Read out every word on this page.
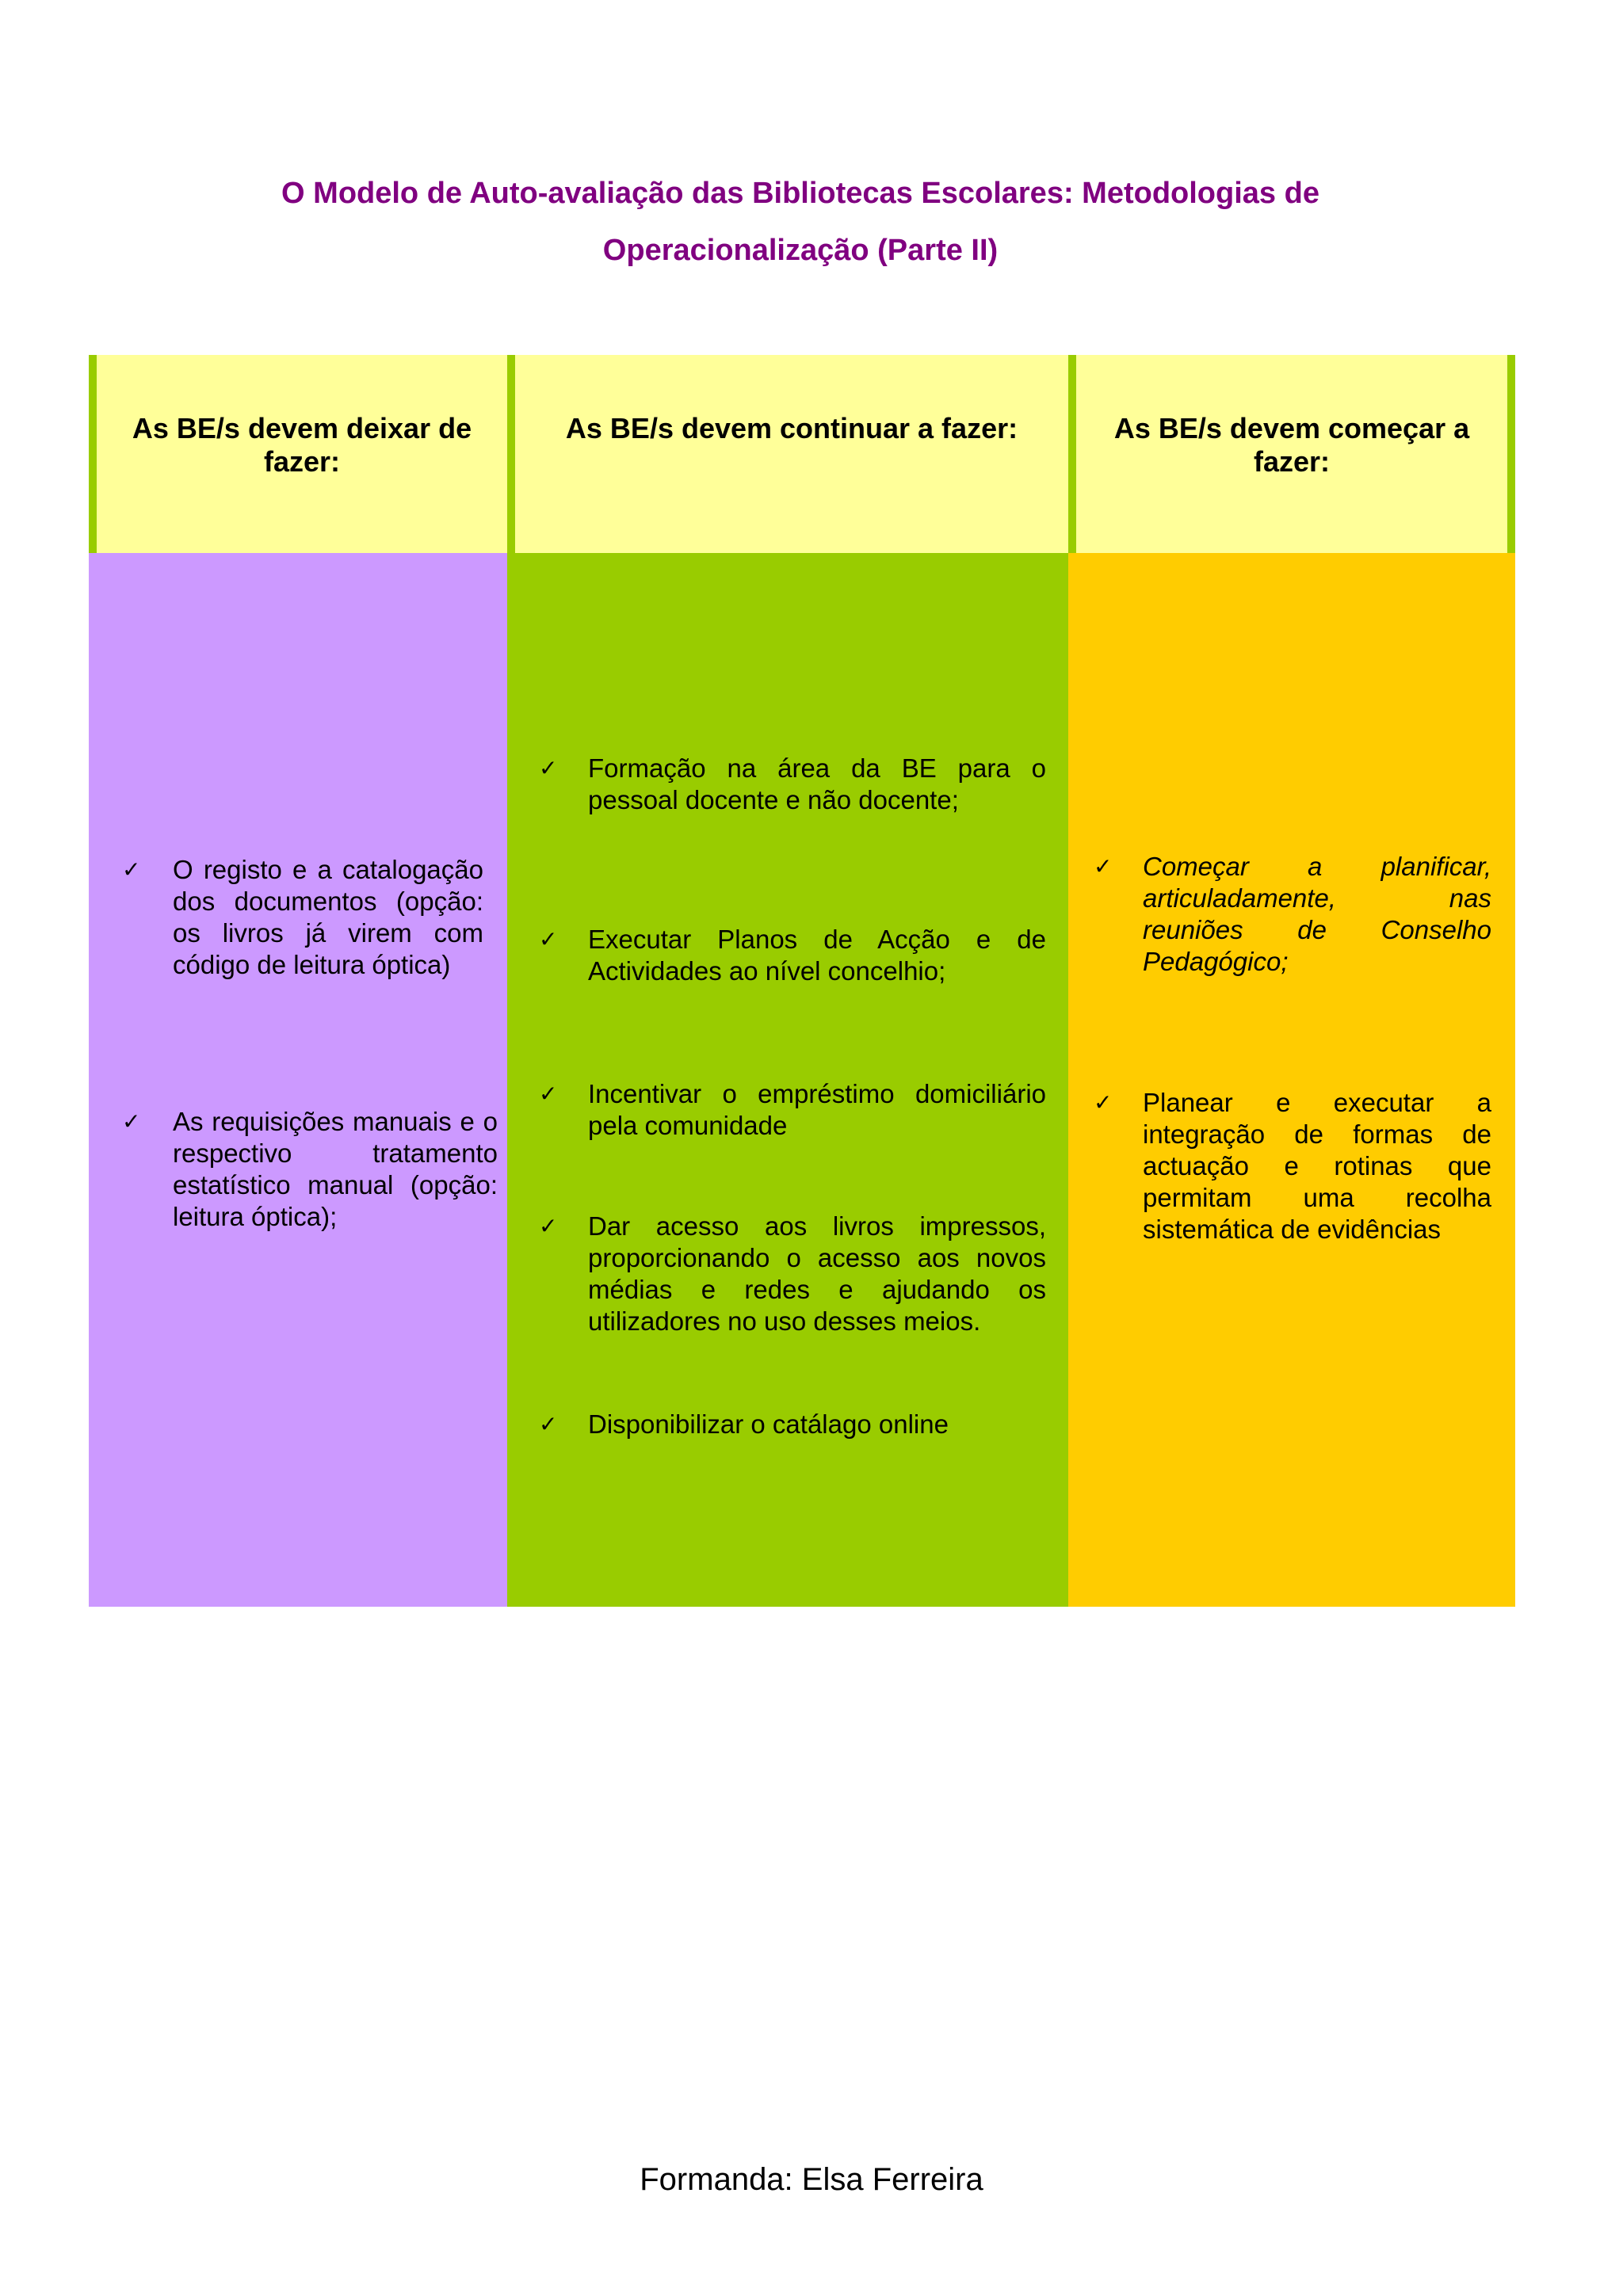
O Modelo de Auto-avaliação das Bibliotecas Escolares: Metodologias de
Operacionalização (Parte II)
As BE/s devem deixar de fazer:
As BE/s devem continuar a fazer:	As BE/s devem começar a fazer:
✓ O registo e a catalogação dos documentos (opção: os livros já virem com código de leitura óptica)
✓ As requisições manuais e o respectivo tratamento estatístico manual (opção: leitura óptica);
✓ Formação na área da BE para o pessoal docente e não docente;
✓ Executar Planos de Acção e de Actividades ao nível concelhio;
✓ Incentivar o empréstimo domiciliário pela comunidade
✓ Dar acesso aos livros impressos, proporcionando o acesso aos novos médias e redes e ajudando os utilizadores no uso desses meios.
✓ Disponibilizar o catálago online
✓ Começar a planificar, articuladamente, nas reuniões de Conselho Pedagógico;
✓ Planear e executar a integração de formas de actuação e rotinas que permitam uma recolha sistemática de evidências
Formanda: Elsa Ferreira
